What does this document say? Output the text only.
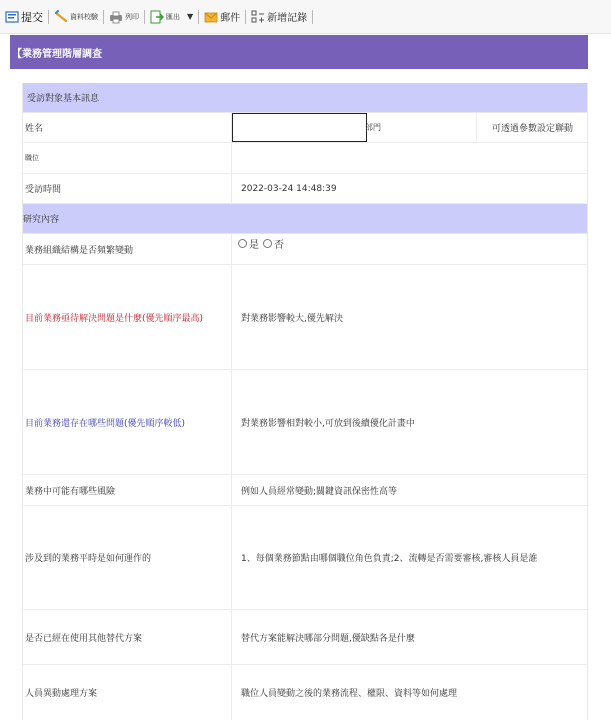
提交	資料校驗	列印	匯出 ▼	郵件	新增記錄
【業務管理階層調查
受訪對象基本訊息
姓名	部門	可透過參數設定聯動
職位
受訪時間	2022-03-24 14:48:39
研究內容
業務組織結構是否頻繁變動	是 否
目前業務亟待解決問題是什麼(優先順序最高)	對業務影響較大,優先解決
目前業務還存在哪些問題(優先順序較低)	對業務影響相對較小,可放到後續優化計畫中
業務中可能有哪些風險	例如人員經常變動;關鍵資訊保密性高等
涉及到的業務平時是如何運作的	1、每個業務節點由哪個職位角色負責;2、流轉是否需要審核,審核人員是誰
是否已經在使用其他替代方案	替代方案能解決哪部分問題,優缺點各是什麼
人員異動處理方案	職位人員變動之後的業務流程、權限、資料等如何處理
